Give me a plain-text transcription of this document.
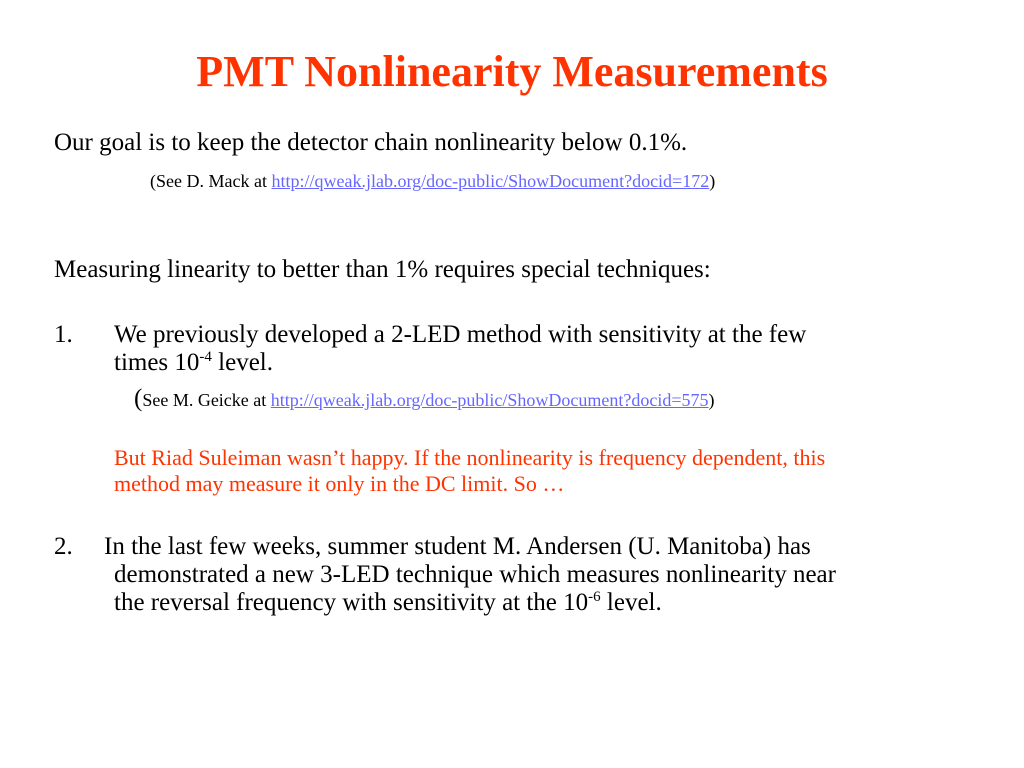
PMT Nonlinearity Measurements
Our goal is to keep the detector chain nonlinearity below 0.1%.
(See D. Mack at http://qweak.jlab.org/doc-public/ShowDocument?docid=172)
Measuring linearity to better than 1% requires special techniques:
1. We previously developed a 2-LED method with sensitivity at the few
times $10^{-4}$ level.
(See M. Geicke at http://qweak.jlab.org/doc-public/ShowDocument?docid=575)
But Riad Suleiman wasn’t happy. If the nonlinearity is frequency dependent, this
method may measure it only in the DC limit. So …
2. In the last few weeks, summer student M. Andersen (U. Manitoba) has
demonstrated a new 3-LED technique which measures nonlinearity near
the reversal frequency with sensitivity at the $10^{-6}$ level.
